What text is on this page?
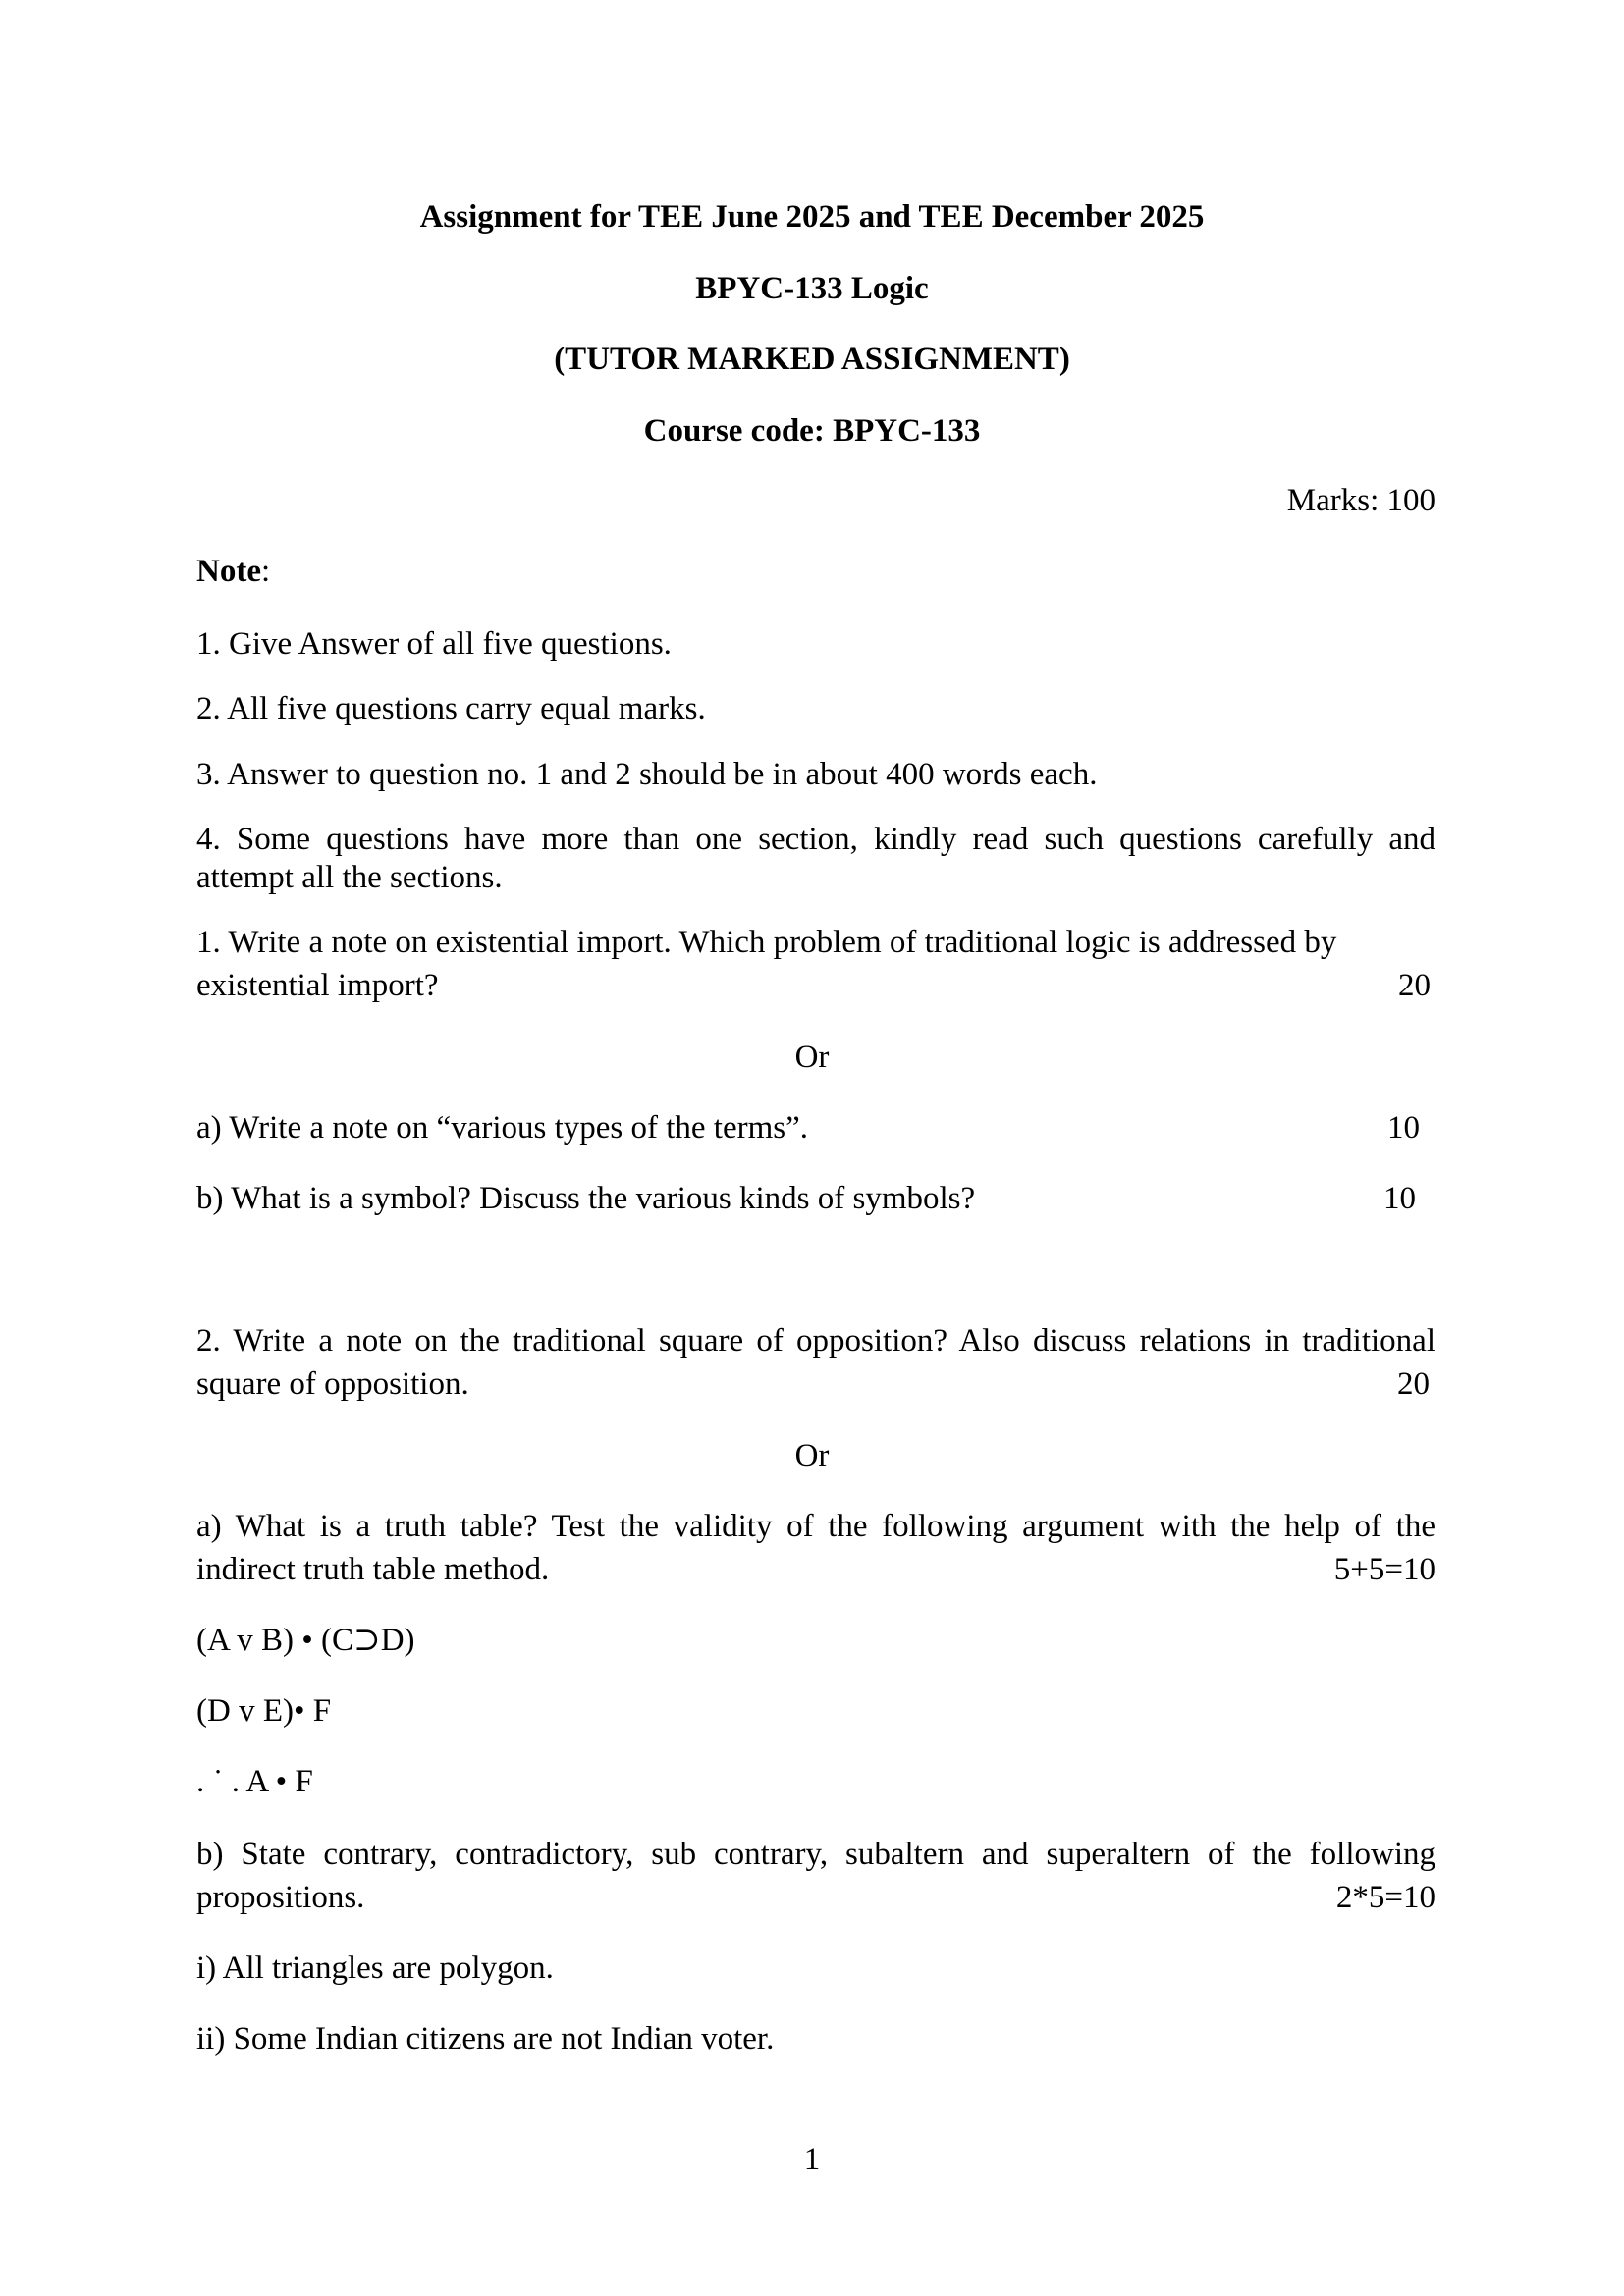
Assignment for TEE June 2025 and TEE December 2025
BPYC-133 Logic
(TUTOR MARKED ASSIGNMENT)
Course code: BPYC-133
Marks: 100
Note:
1. Give Answer of all five questions.
2. All five questions carry equal marks.
3. Answer to question no. 1 and 2 should be in about 400 words each.
4. Some questions have more than one section, kindly read such questions carefully and
attempt all the sections.
1. Write a note on existential import. Which problem of traditional logic is addressed by
existential import?	20
Or
a) Write a note on “various types of the terms”.	10
b) What is a symbol? Discuss the various kinds of symbols?	10
2. Write a note on the traditional square of opposition? Also discuss relations in traditional
square of opposition.	20
Or
a) What is a truth table? Test the validity of the following argument with the help of the
indirect truth table method.	5+5=10
(A v B) • (C⊃D)
(D v E)• F
. ˙ . A • F
b) State contrary, contradictory, sub contrary, subaltern and superaltern of the following
propositions.	2*5=10
i) All triangles are polygon.
ii) Some Indian citizens are not Indian voter.
1
